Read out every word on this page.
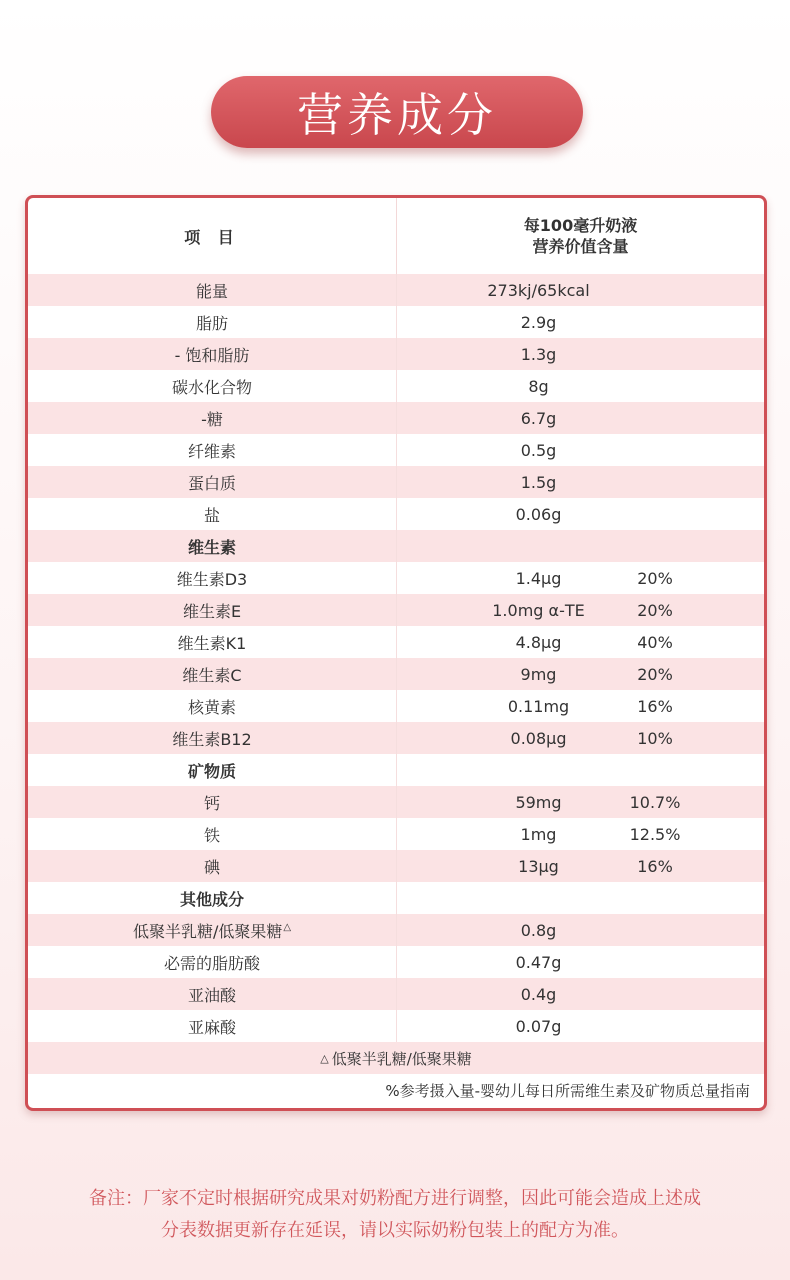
营养成分
项 目
每100毫升奶液
营养价值含量
能量	273kj/65kcal
脂肪	2.9g
- 饱和脂肪	1.3g
碳水化合物	8g
-糖	6.7g
纤维素	0.5g
蛋白质	1.5g
盐	0.06g
维生素
维生素D3	1.4μg	20%
维生素E	1.0mg α-TE	20%
维生素K1	4.8μg	40%
维生素C	9mg	20%
核黄素	0.11mg	16%
维生素B12	0.08μg	10%
矿物质
钙	59mg	10.7%
铁	1mg	12.5%
碘	13μg	16%
其他成分
低聚半乳糖/低聚果糖△	0.8g
必需的脂肪酸	0.47g
亚油酸	0.4g
亚麻酸	0.07g
△ 低聚半乳糖/低聚果糖
%参考摄入量-婴幼儿每日所需维生素及矿物质总量指南
备注：厂家不定时根据研究成果对奶粉配方进行调整，因此可能会造成上述成
分表数据更新存在延误，请以实际奶粉包装上的配方为准。
